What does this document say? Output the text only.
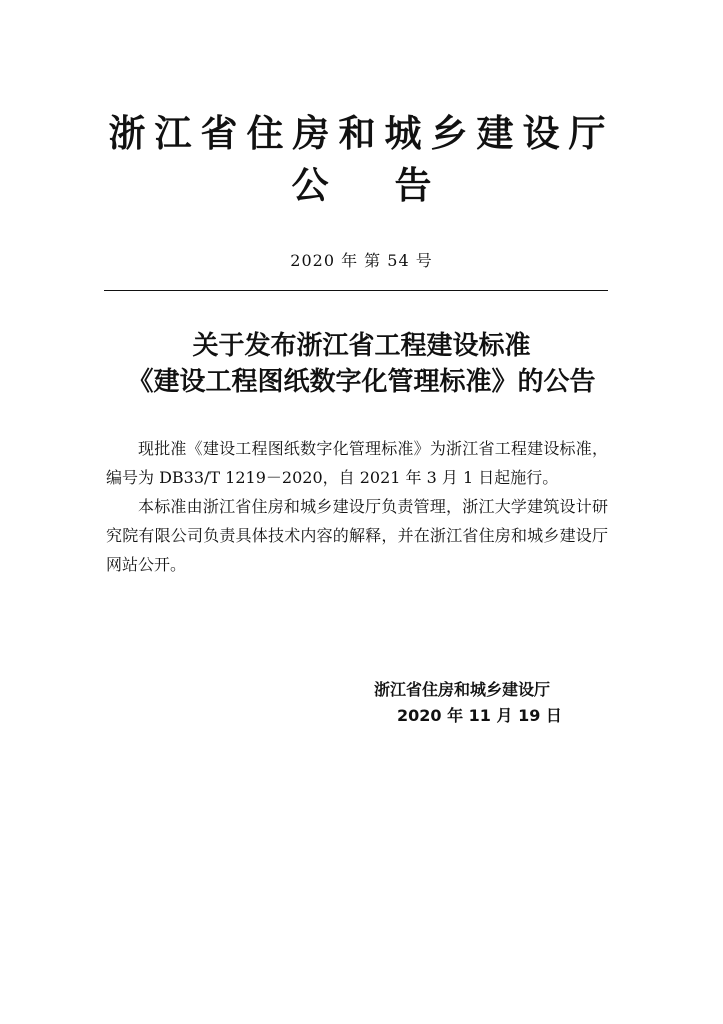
浙江省住房和城乡建设厅
公 告
2020 年 第 54 号
关于发布浙江省工程建设标准
《建设工程图纸数字化管理标准》的公告

现批准《建设工程图纸数字化管理标准》为浙江省工程建设标准，编号为 DB33/T 1219－2020，自 2021 年 3 月 1 日起施行。

本标准由浙江省住房和城乡建设厅负责管理，浙江大学建筑设计研究院有限公司负责具体技术内容的解释，并在浙江省住房和城乡建设厅网站公开。

浙江省住房和城乡建设厅
2020 年 11 月 19 日
